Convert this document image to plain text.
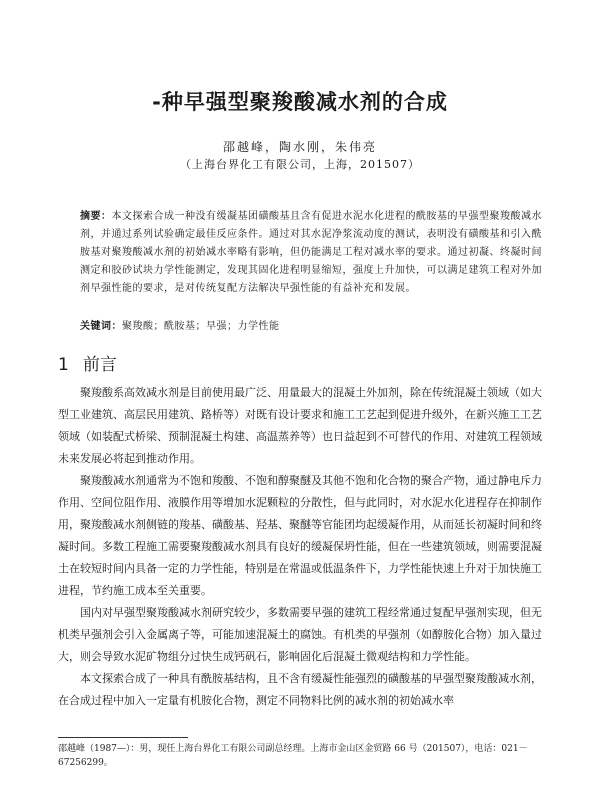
-种早强型聚羧酸减水剂的合成
邵越峰，陶水刚，朱伟亮
（上海台界化工有限公司，上海，201507）
摘要：本文探索合成一种没有缓凝基团磺酸基且含有促进水泥水化进程的酰胺基的早强型聚羧酸减水剂，并通过系列试验确定最佳反应条件。通过对其水泥净浆流动度的测试，表明没有磺酸基和引入酰胺基对聚羧酸减水剂的初始减水率略有影响，但仍能满足工程对减水率的要求。通过初凝、终凝时间测定和胶砂试块力学性能测定，发现其固化进程明显缩短，强度上升加快，可以满足建筑工程对外加剂早强性能的要求，是对传统复配方法解决早强性能的有益补充和发展。
关键词：聚羧酸；酰胺基；早强；力学性能
1 前言

聚羧酸系高效减水剂是目前使用最广泛、用量最大的混凝土外加剂，除在传统混凝土领域（如大型工业建筑、高层民用建筑、路桥等）对既有设计要求和施工工艺起到促进升级外，在新兴施工工艺领域（如装配式桥梁、预制混凝土构建、高温蒸养等）也日益起到不可替代的作用、对建筑工程领域未来发展必将起到推动作用。

聚羧酸减水剂通常为不饱和羧酸、不饱和醇聚醚及其他不饱和化合物的聚合产物，通过静电斥力作用、空间位阻作用、液膜作用等增加水泥颗粒的分散性，但与此同时，对水泥水化进程存在抑制作用，聚羧酸减水剂侧链的羧基、磺酸基、羟基、聚醚等官能团均起缓凝作用，从而延长初凝时间和终凝时间。多数工程施工需要聚羧酸减水剂具有良好的缓凝保坍性能，但在一些建筑领域，则需要混凝土在较短时间内具备一定的力学性能，特别是在常温或低温条件下，力学性能快速上升对于加快施工进程，节约施工成本至关重要。

国内对早强型聚羧酸减水剂研究较少，多数需要早强的建筑工程经常通过复配早强剂实现，但无机类早强剂会引入金属离子等，可能加速混凝土的腐蚀。有机类的早强剂（如醇胺化合物）加入量过大，则会导致水泥矿物组分过快生成钙矾石，影响固化后混凝土微观结构和力学性能。

本文探索合成了一种具有酰胺基结构，且不含有缓凝性能强烈的磺酸基的早强型聚羧酸减水剂，在合成过程中加入一定量有机胺化合物，测定不同物料比例的减水剂的初始减水率

邵越峰（1987—）：男，现任上海台界化工有限公司副总经理。上海市金山区金贸路 66 号（201507），电话：021－67256299。
